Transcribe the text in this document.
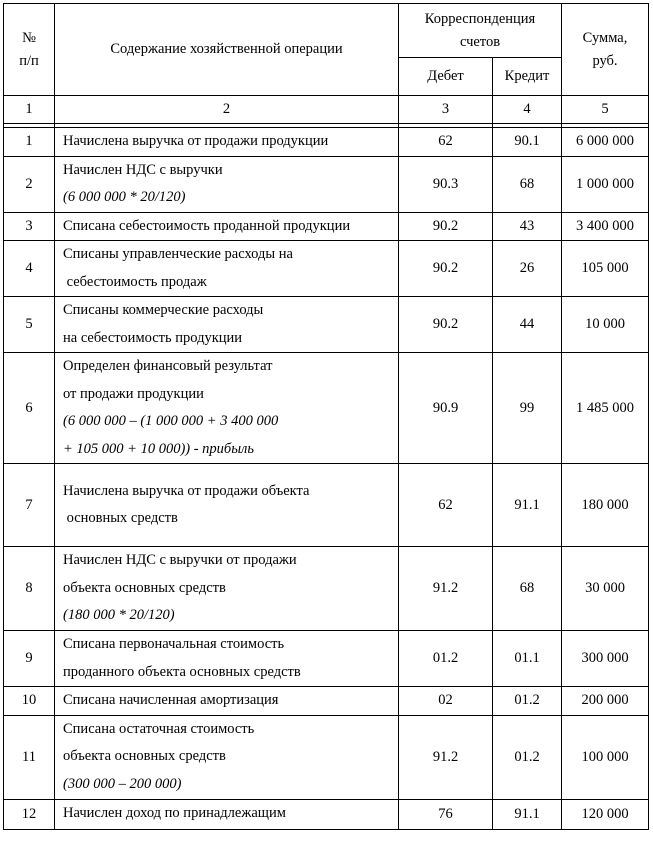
№
п/п	Содержание хозяйственной операции	Корреспонденция
счетов		Сумма,
руб.
		Дебет	Кредит	
1	2	3	4	5

1	Начислена выручка от продажи продукции	62	90.1	6 000 000
2	Начислен НДС с выручки
(6 000 000 * 20/120)	90.3	68	1 000 000
3	Списана себестоимость проданной продукции	90.2	43	3 400 000
4	Списаны управленческие расходы на
себестоимость продаж	90.2	26	105 000
5	Списаны коммерческие расходы
на себестоимость продукции	90.2	44	10 000
6	Определен финансовый результат
от продажи продукции
(6 000 000 – (1 000 000 + 3 400 000
+ 105 000 + 10 000)) - прибыль	90.9	99	1 485 000
7	Начислена выручка от продажи объекта
основных средств	62	91.1	180 000
8	Начислен НДС с выручки от продажи
объекта основных средств
(180 000 * 20/120)	91.2	68	30 000
9	Списана первоначальная стоимость
проданного объекта основных средств	01.2	01.1	300 000
10	Списана начисленная амортизация	02	01.2	200 000
11	Списана остаточная стоимость
объекта основных средств
(300 000 – 200 000)	91.2	01.2	100 000
12	Начислен доход по принадлежащим	76	91.1	120 000
